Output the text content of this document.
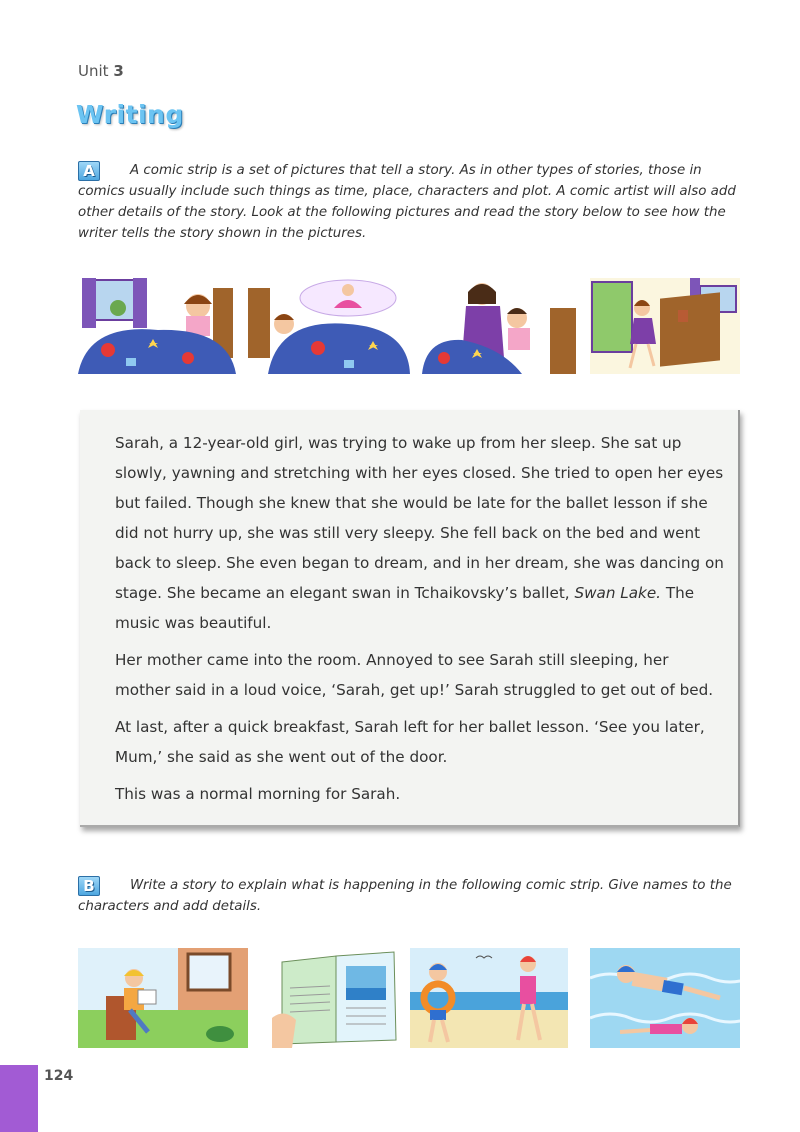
Unit 3
Writing
A	A comic strip is a set of pictures that tell a story. As in other types of stories, those in comics usually include such things as time, place, characters and plot. A comic artist will also add other details of the story. Look at the following pictures and read the story below to see how the writer tells the story shown in the pictures.

Sarah, a 12-year-old girl, was trying to wake up from her sleep. She sat up slowly, yawning and stretching with her eyes closed. She tried to open her eyes but failed. Though she knew that she would be late for the ballet lesson if she did not hurry up, she was still very sleepy. She fell back on the bed and went back to sleep. She even began to dream, and in her dream, she was dancing on stage. She became an elegant swan in Tchaikovsky’s ballet, Swan Lake. The music was beautiful.

Her mother came into the room. Annoyed to see Sarah still sleeping, her mother said in a loud voice, ‘Sarah, get up!’ Sarah struggled to get out of bed.

At last, after a quick breakfast, Sarah left for her ballet lesson. ‘See you later, Mum,’ she said as she went out of the door.

This was a normal morning for Sarah.

B	Write a story to explain what is happening in the following comic strip. Give names to the characters and add details.
124
